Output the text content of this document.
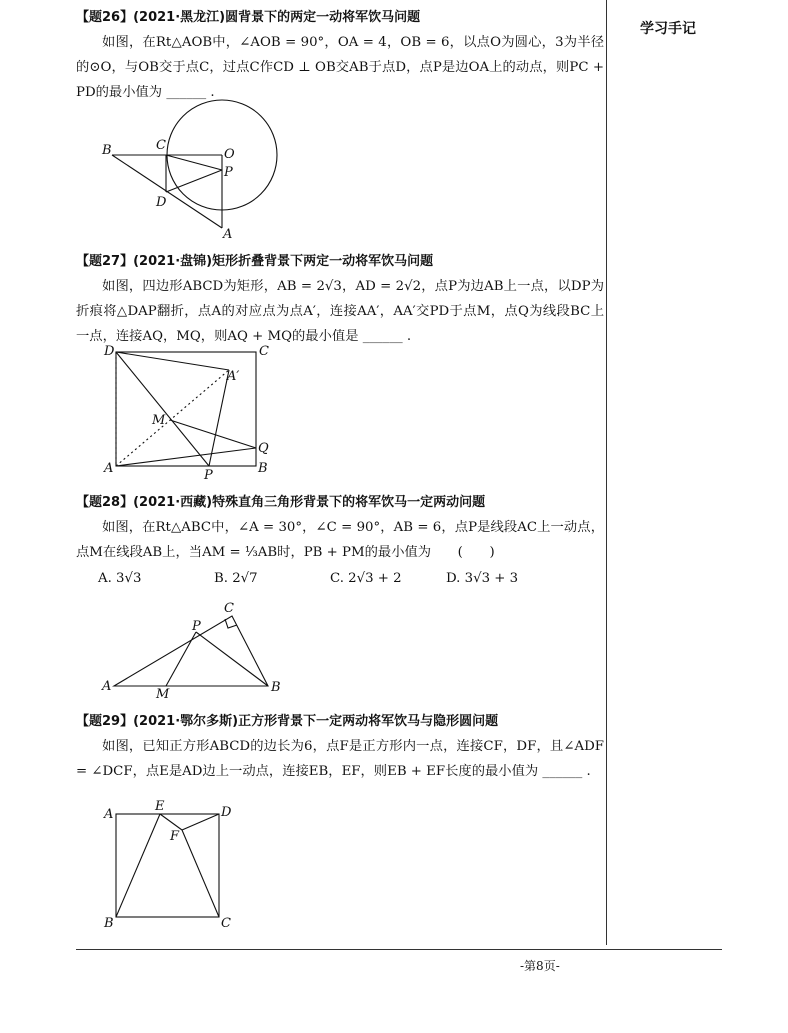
学习手记
【题26】(2021·黑龙江)圆背景下的两定一动将军饮马问题
如图，在Rt△AOB中，∠AOB = 90°，OA = 4，OB = 6，以点O为圆心，3为半径的⊙O，与OB交于点C，过点C作CD ⊥ OB交AB于点D，点P是边OA上的动点，则PC + PD的最小值为 ______ .
B	C
O
P
D
A
【题27】(2021·盘锦)矩形折叠背景下两定一动将军饮马问题
如图，四边形ABCD为矩形，AB = 2√3，AD = 2√2，点P为边AB上一点，以DP为折痕将△DAP翻折，点A的对应点为点A′，连接AA′，AA′交PD于点M，点Q为线段BC上一点，连接AQ，MQ，则AQ + MQ的最小值是 ______ .
D	C
A′
M
Q
A	P	B
【题28】(2021·西藏)特殊直角三角形背景下的将军饮马一定两动问题
如图，在Rt△ABC中，∠A = 30°，∠C = 90°，AB = 6，点P是线段AC上一动点，点M在线段AB上，当AM = ⅓AB时，PB + PM的最小值为　　(　　)
A. 3√3	B. 2√7	C. 2√3 + 2	D. 3√3 + 3
C
P
A
M	B
【题29】(2021·鄂尔多斯)正方形背景下一定两动将军饮马与隐形圆问题
如图，已知正方形ABCD的边长为6，点F是正方形内一点，连接CF，DF，且∠ADF = ∠DCF，点E是AD边上一动点，连接EB，EF，则EB + EF长度的最小值为 ______ .
A
E	D
F
B	C
-第8页-
